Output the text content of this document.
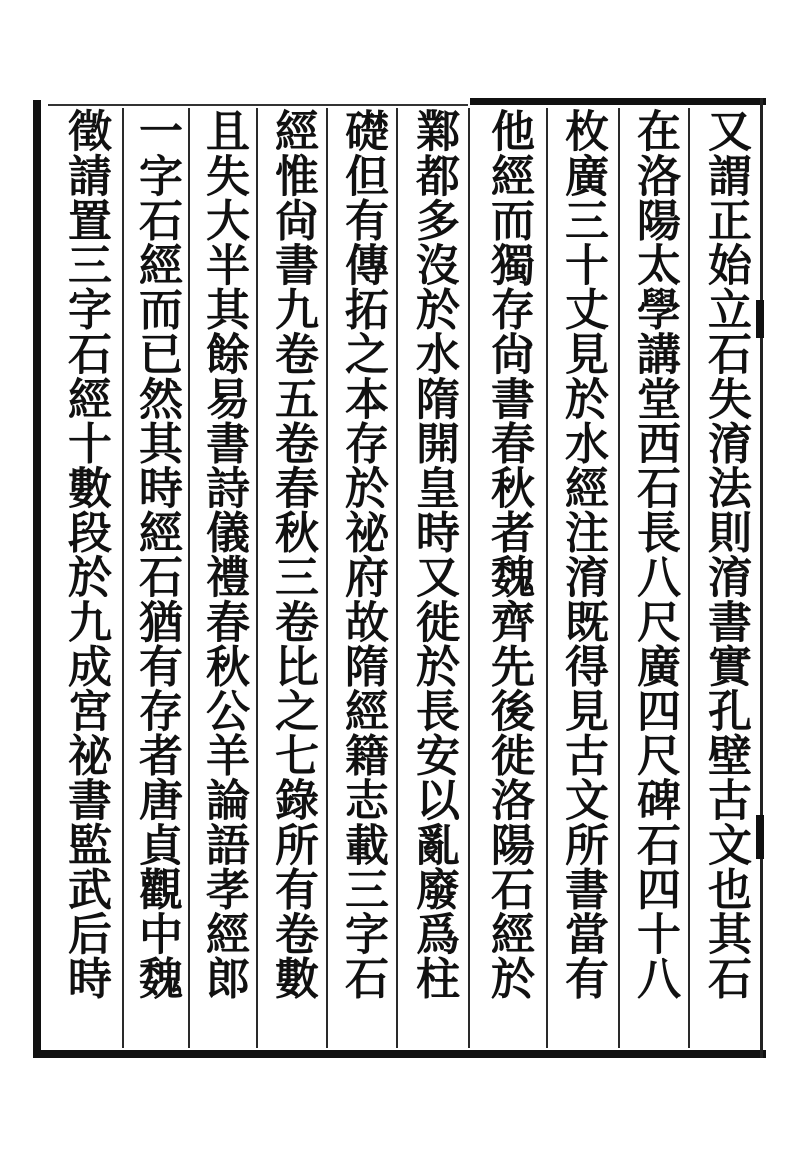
又謂正始立石失淯法則淯書實孔壁古文也其石
在洛陽太學講堂西石長八尺廣四尺碑石四十八
枚廣三十丈見於水經注淯既得見古文所書當有
他經而獨存尙書春秋者魏齊先後徙洛陽石經於
鄴都多沒於水隋開皇時又徙於長安以亂廢爲柱
礎但有傳拓之本存於祕府故隋經籍志載三字石
經惟尙書九卷五卷春秋三卷比之七錄所有卷數
且失大半其餘易書詩儀禮春秋公羊論語孝經郎
一字石經而已然其時經石猶有存者唐貞觀中魏
徵請置三字石經十數段於九成宮祕書監武后時
